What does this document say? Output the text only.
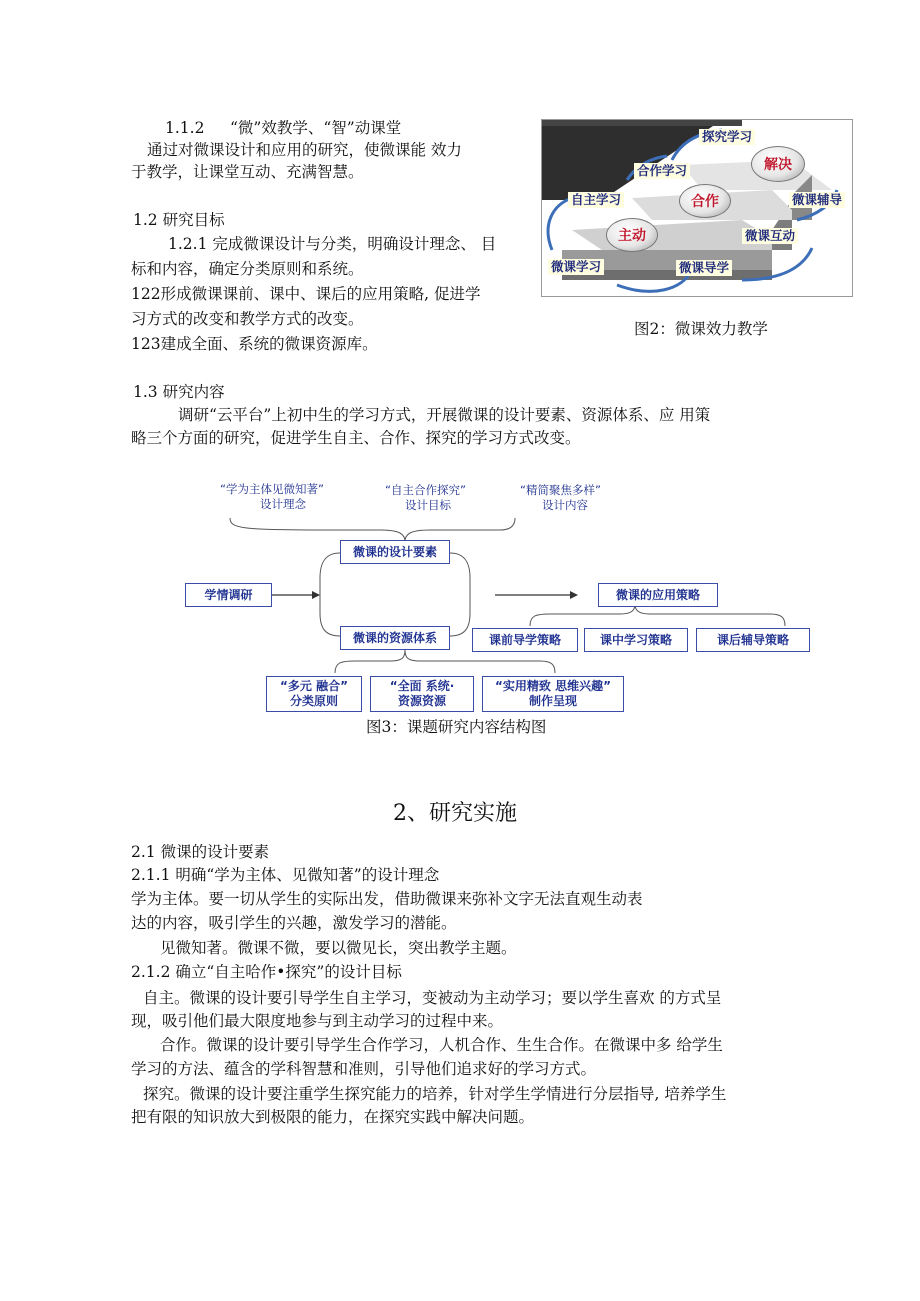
1.1.2 “微”效教学、“智”动课堂

通过对微课设计和应用的研究，使微课能 效力

于教学，让课堂互动、充满智慧。

1.2 研究目标

1.2.1 完成微课设计与分类，明确设计理念、 目

标和内容，确定分类原则和系统。

122形成微课课前、课中、课后的应用策略, 促进学

习方式的改变和教学方式的改变。

123建成全面、系统的微课资源库。

探究学习
合作学习
自主学习
微课学习	微课导学
微课互动
微课辅导
主动
合作
解决

图2：微课效力教学

1.3 研究内容

调研“云平台”上初中生的学习方式，开展微课的设计要素、资源体系、应 用策

略三个方面的研究，促进学生自主、合作、探究的学习方式改变。

“学为主体见微知著”
设计理念
“自主合作探究”
设计目标
“精简聚焦多样”
设计内容
微课的设计要素
学情调研
微课的资源体系
微课的应用策略
课前导学策略	课中学习策略	课后辅导策略
“多元 融合”
分类原则
“全面 系统·
资源资源
“实用精致 思维兴趣”
制作呈现

图3：课题研究内容结构图

2、研究实施

2.1 微课的设计要素

2.1.1 明确“学为主体、见微知著”的设计理念

学为主体。要一切从学生的实际出发，借助微课来弥补文字无法直观生动表

达的内容，吸引学生的兴趣，激发学习的潜能。

见微知著。微课不微，要以微见长，突出教学主题。

2.1.2 确立“自主哈作•探究”的设计目标

自主。微课的设计要引导学生自主学习，变被动为主动学习；要以学生喜欢 的方式呈

现，吸引他们最大限度地参与到主动学习的过程中来。

合作。微课的设计要引导学生合作学习，人机合作、生生合作。在微课中多 给学生

学习的方法、蕴含的学科智慧和准则，引导他们追求好的学习方式。

探究。微课的设计要注重学生探究能力的培养，针对学生学情进行分层指导, 培养学生

把有限的知识放大到极限的能力，在探究实践中解决问题。
